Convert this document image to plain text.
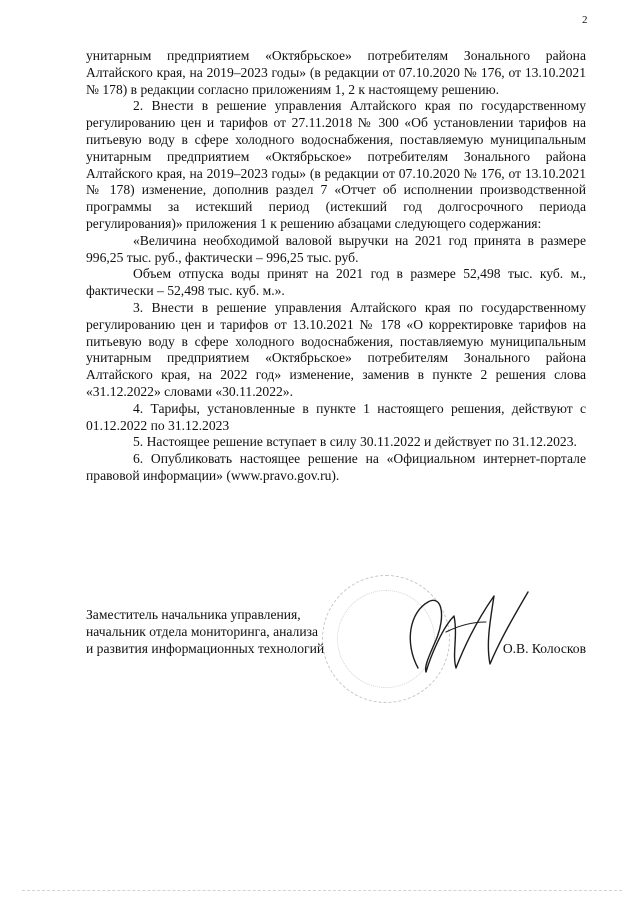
2

унитарным предприятием «Октябрьское» потребителям Зонального района Алтайского края, на 2019–2023 годы» (в редакции от 07.10.2020 № 176, от 13.10.2021 № 178) в редакции согласно приложениям 1, 2 к настоящему решению.

2. Внести в решение управления Алтайского края по государственному регулированию цен и тарифов от 27.11.2018 № 300 «Об установлении тарифов на питьевую воду в сфере холодного водоснабжения, поставляемую муниципальным унитарным предприятием «Октябрьское» потребителям Зонального района Алтайского края, на 2019–2023 годы» (в редакции от 07.10.2020 № 176, от 13.10.2021 № 178) изменение, дополнив раздел 7 «Отчет об исполнении производственной программы за истекший период (истекший год долгосрочного периода регулирования)» приложения 1 к решению абзацами следующего содержания:

«Величина необходимой валовой выручки на 2021 год принята в размере 996,25 тыс. руб., фактически – 996,25 тыс. руб.

Объем отпуска воды принят на 2021 год в размере 52,498 тыс. куб. м., фактически – 52,498 тыс. куб. м.».

3. Внести в решение управления Алтайского края по государственному регулированию цен и тарифов от 13.10.2021 № 178 «О корректировке тарифов на питьевую воду в сфере холодного водоснабжения, поставляемую муниципальным унитарным предприятием «Октябрьское» потребителям Зонального района Алтайского края, на 2022 год» изменение, заменив в пункте 2 решения слова «31.12.2022» словами «30.11.2022».

4. Тарифы, установленные в пункте 1 настоящего решения, действуют с 01.12.2022 по 31.12.2023

5. Настоящее решение вступает в силу 30.11.2022 и действует по 31.12.2023.

6. Опубликовать настоящее решение на «Официальном интернет-портале правовой информации» (www.pravo.gov.ru).

Заместитель начальника управления,
начальник отдела мониторинга, анализа
и развития информационных технологий	О.В. Колосков
